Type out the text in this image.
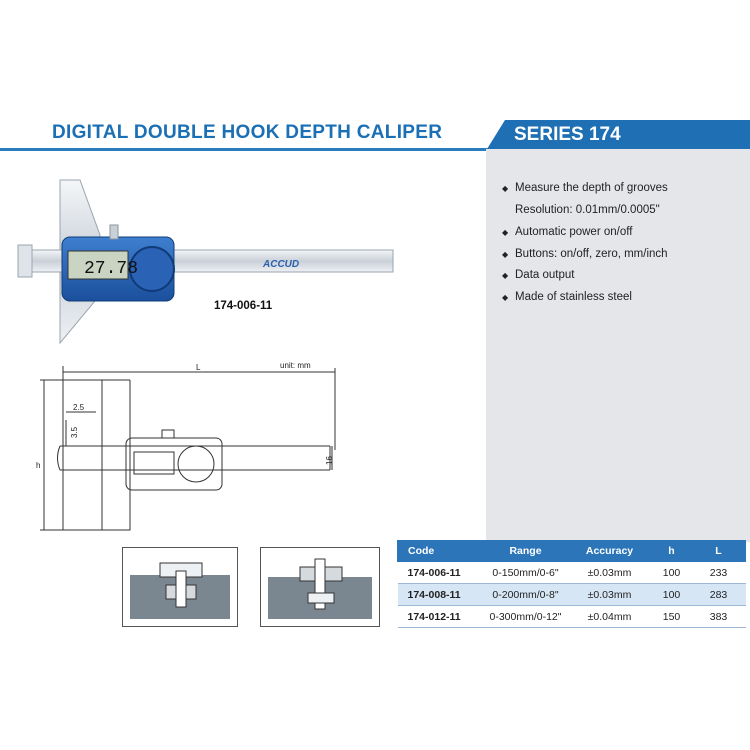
DIGITAL DOUBLE HOOK DEPTH CALIPER	SERIES 174
◆ Measure the depth of grooves
Resolution: 0.01mm/0.0005"
◆ Automatic power on/off
◆ Buttons: on/off, zero, mm/inch
◆ Data output
◆ Made of stainless steel
ACCUD
27.78
174-006-11
2.5
3.5
16
L
h
unit: mm
Code	Range	Accuracy	h	L
174-006-11	0-150mm/0-6"	±0.03mm	100	233
174-008-11	0-200mm/0-8"	±0.03mm	100	283
174-012-11	0-300mm/0-12"	±0.04mm	150	383
